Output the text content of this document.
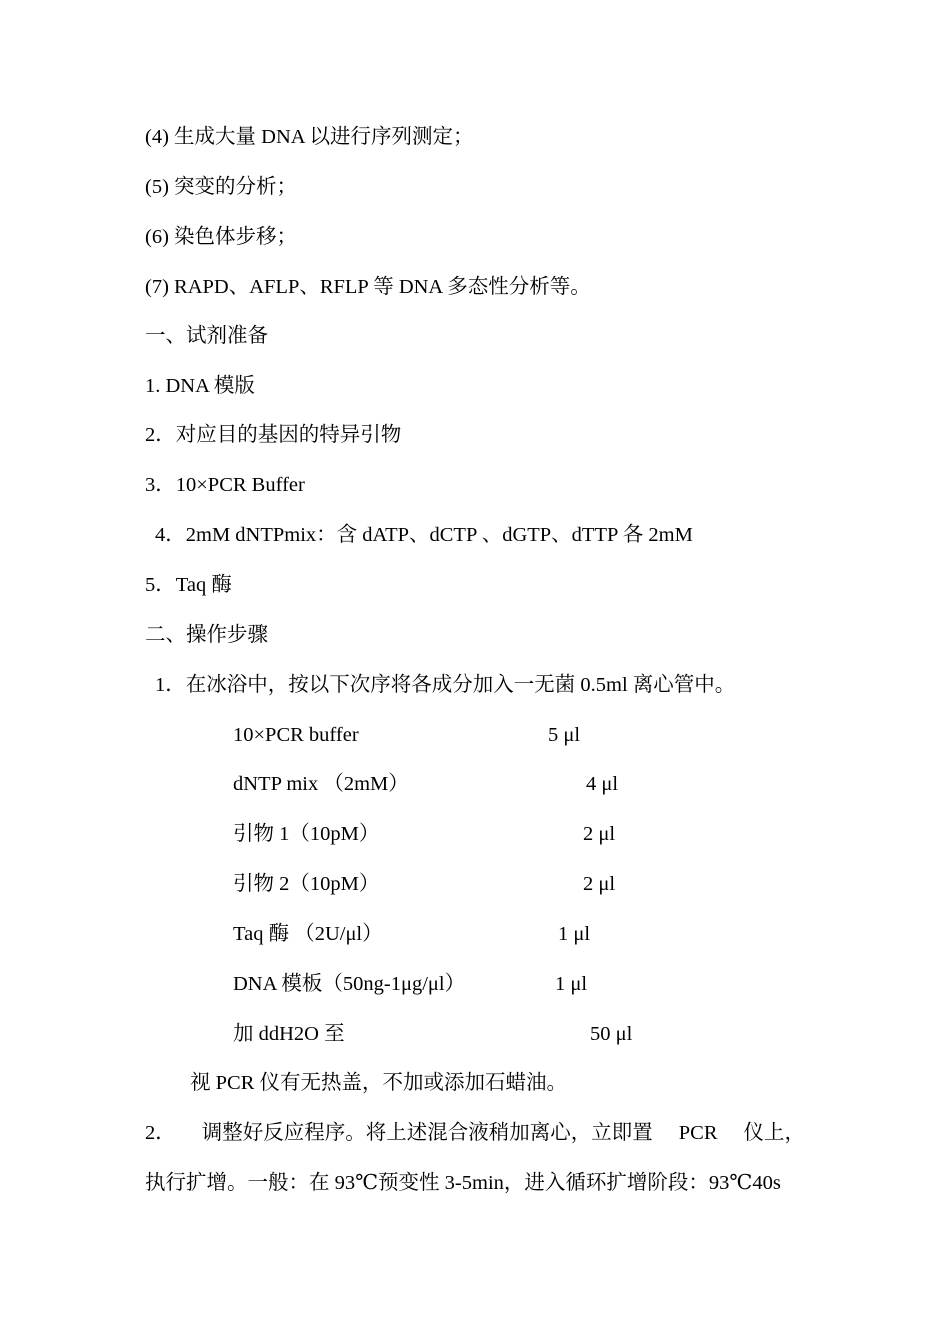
(4) 生成大量 DNA 以进行序列测定；
(5) 突变的分析；
(6) 染色体步移；
(7) RAPD、AFLP、RFLP 等 DNA 多态性分析等。
一、试剂准备
1. DNA 模版
2．对应目的基因的特异引物
3．10×PCR Buffer
4．2mM dNTPmix：含 dATP、dCTP 、dGTP、dTTP 各 2mM
5．Taq 酶
二、操作步骤
1．在冰浴中，按以下次序将各成分加入一无菌 0.5ml 离心管中。
10×PCR buffer	5 μl
dNTP mix （2mM）	4 μl
引物 1（10pM）	2 μl
引物 2（10pM）	2 μl
Taq 酶 （2U/μl）	1 μl
DNA 模板（50ng-1μg/μl）	1 μl
加 ddH2O 至	50 μl
视 PCR 仪有无热盖，不加或添加石蜡油。
2． 调整好反应程序。将上述混合液稍加离心，立即置 PCR 仪上，
执行扩增。一般：在 93℃预变性 3-5min，进入循环扩增阶段：93℃40s
